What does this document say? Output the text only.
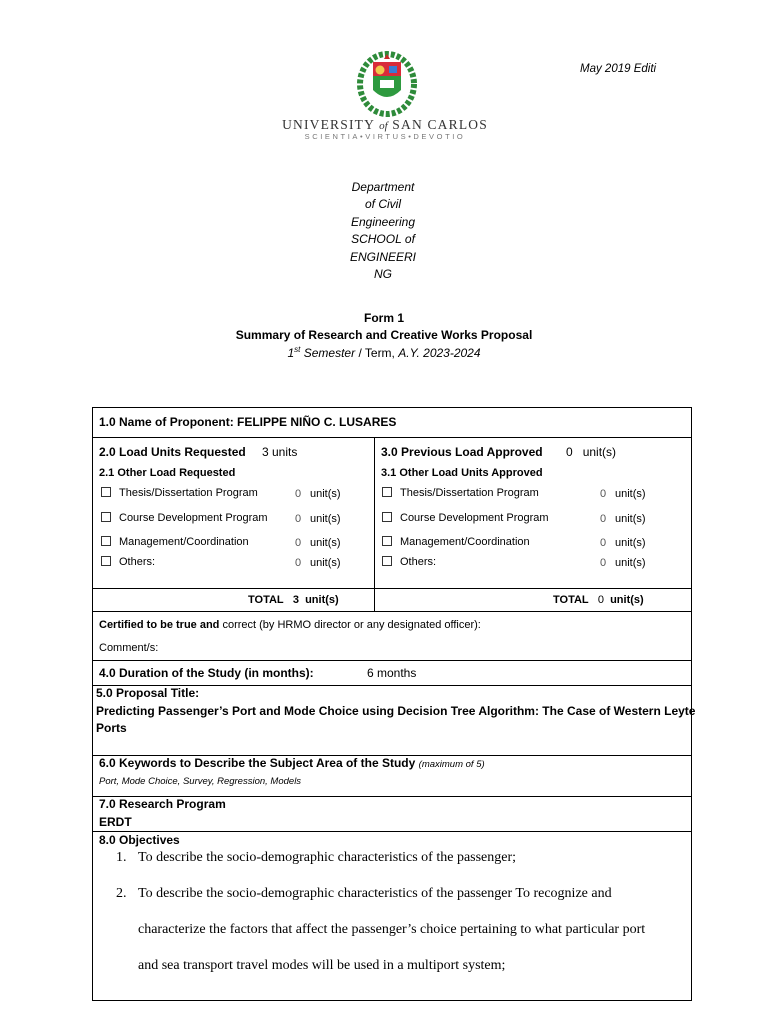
UNIVERSITY of SAN CARLOS
SCIENTIA•VIRTUS•DEVOTIO
May 2019 Editi
Department
of Civil
Engineering
SCHOOL of
ENGINEERI
NG
Form 1
Summary of Research and Creative Works Proposal
1st Semester / Term, A.Y. 2023-2024
1.0 Name of Proponent: FELIPPE NIÑO C. LUSARES
2.0 Load Units Requested 3 units
2.1 Other Load Requested
Thesis/Dissertation Program	0 unit(s)
Course Development Program 0 unit(s)
Management/Coordination	0 unit(s)
Others:	0 unit(s)
TOTAL 3 unit(s)
3.0 Previous Load Approved 0 unit(s)
3.1 Other Load Units Approved
Thesis/Dissertation Program	0 unit(s)
Course Development Program	0 unit(s)
Management/Coordination	0 unit(s)
Others:	0 unit(s)
TOTAL 0 unit(s)
Certified to be true and correct (by HRMO director or any designated officer):
Comment/s:
4.0 Duration of the Study (in months):	6 months
5.0 Proposal Title:
Predicting Passenger’s Port and Mode Choice using Decision Tree Algorithm: The Case of Western Leyte
Ports
6.0 Keywords to Describe the Subject Area of the Study (maximum of 5)
Port, Mode Choice, Survey, Regression, Models
7.0 Research Program
ERDT
8.0 Objectives
1. To describe the socio-demographic characteristics of the passenger;
2. To describe the socio-demographic characteristics of the passenger To recognize and
characterize the factors that affect the passenger’s choice pertaining to what particular port
and sea transport travel modes will be used in a multiport system;
